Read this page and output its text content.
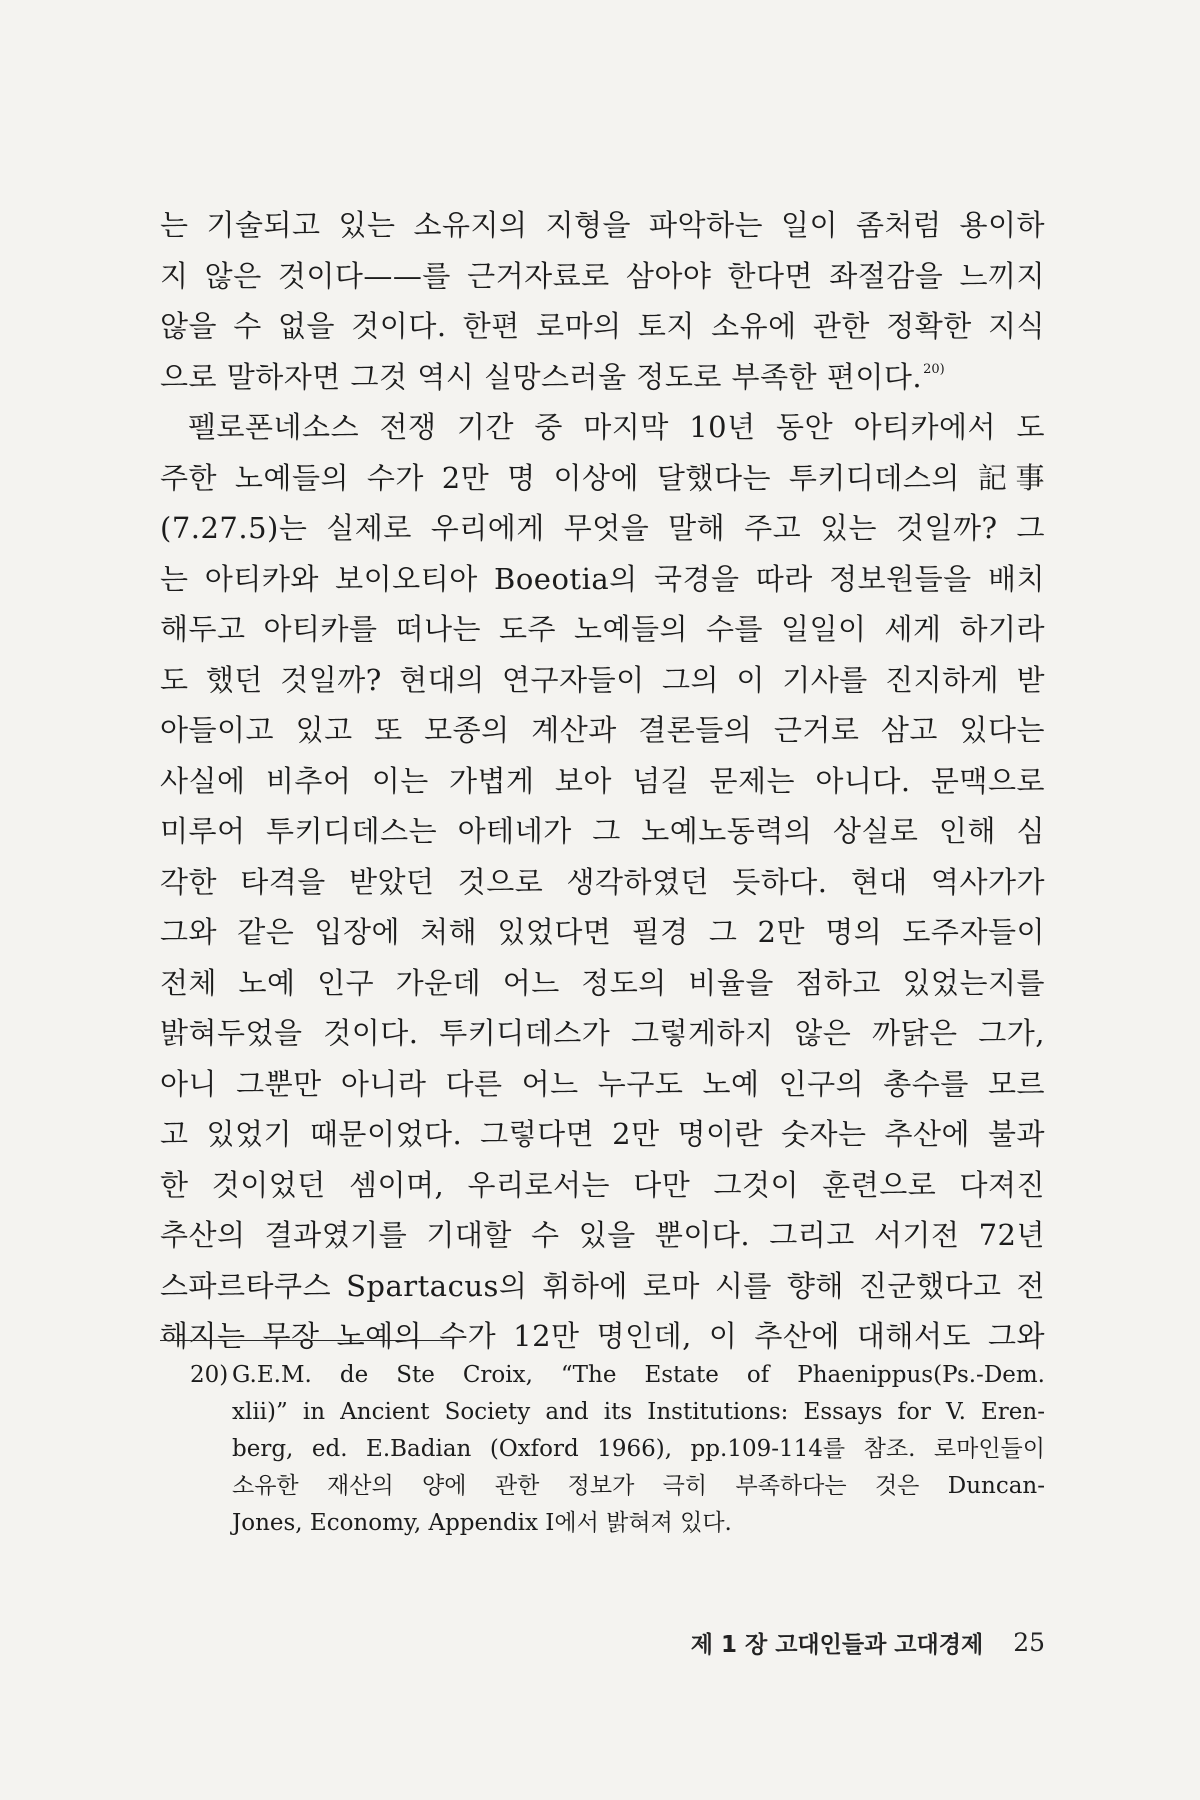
는 기술되고 있는 소유지의 지형을 파악하는 일이 좀처럼 용이하
지 않은 것이다——를 근거자료로 삼아야 한다면 좌절감을 느끼지
않을 수 없을 것이다. 한편 로마의 토지 소유에 관한 정확한 지식
으로 말하자면 그것 역시 실망스러울 정도로 부족한 편이다.$^{20)}$
펠로폰네소스 전쟁 기간 중 마지막 10년 동안 아티카에서 도
주한 노예들의 수가 2만 명 이상에 달했다는 투키디데스의 記事
(7.27.5)는 실제로 우리에게 무엇을 말해 주고 있는 것일까? 그
는 아티카와 보이오티아 Boeotia의 국경을 따라 정보원들을 배치
해두고 아티카를 떠나는 도주 노예들의 수를 일일이 세게 하기라
도 했던 것일까? 현대의 연구자들이 그의 이 기사를 진지하게 받
아들이고 있고 또 모종의 계산과 결론들의 근거로 삼고 있다는
사실에 비추어 이는 가볍게 보아 넘길 문제는 아니다. 문맥으로
미루어 투키디데스는 아테네가 그 노예노동력의 상실로 인해 심
각한 타격을 받았던 것으로 생각하였던 듯하다. 현대 역사가가
그와 같은 입장에 처해 있었다면 필경 그 2만 명의 도주자들이
전체 노예 인구 가운데 어느 정도의 비율을 점하고 있었는지를
밝혀두었을 것이다. 투키디데스가 그렇게하지 않은 까닭은 그가,
아니 그뿐만 아니라 다른 어느 누구도 노예 인구의 총수를 모르
고 있었기 때문이었다. 그렇다면 2만 명이란 숫자는 추산에 불과
한 것이었던 셈이며, 우리로서는 다만 그것이 훈련으로 다져진
추산의 결과였기를 기대할 수 있을 뿐이다. 그리고 서기전 72년
스파르타쿠스 Spartacus의 휘하에 로마 시를 향해 진군했다고 전
해지는 무장 노예의 수가 12만 명인데, 이 추산에 대해서도 그와
20) G.E.M. de Ste Croix, “The Estate of Phaenippus(Ps.-Dem.
xlii)” in Ancient Society and its Institutions: Essays for V. Eren-
berg, ed. E.Badian (Oxford 1966), pp.109-114를 참조. 로마인들이
소유한 재산의 양에 관한 정보가 극히 부족하다는 것은 Duncan-
Jones, Economy, Appendix I에서 밝혀져 있다.
제 1 장 고대인들과 고대경제 25
